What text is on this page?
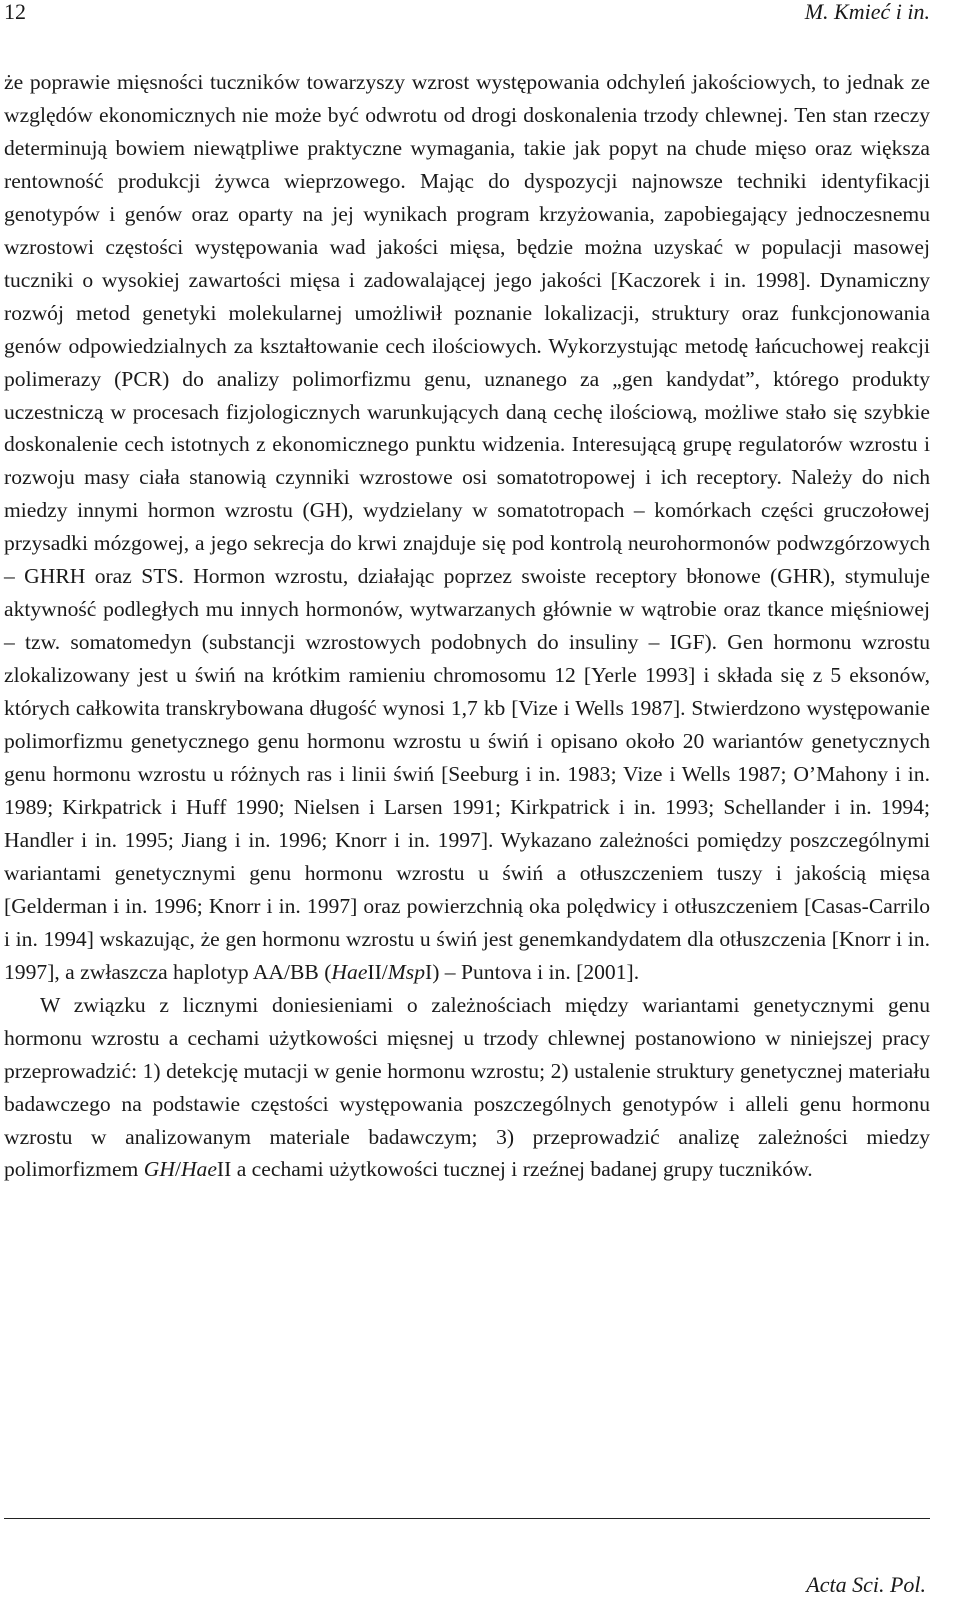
12	M. Kmieć i in.

że poprawie mięsności tuczników towarzyszy wzrost występowania odchyleń jakościowych, to jednak ze względów ekonomicznych nie może być odwrotu od drogi doskonalenia trzody chlewnej. Ten stan rzeczy determinują bowiem niewątpliwe praktyczne wymagania, takie jak popyt na chude mięso oraz większa rentowność produkcji żywca wieprzowego. Mając do dyspozycji najnowsze techniki identyfikacji genotypów i genów oraz oparty na jej wynikach program krzyżowania, zapobiegający jednoczesnemu wzrostowi częstości występowania wad jakości mięsa, będzie można uzyskać w populacji masowej tuczniki o wysokiej zawartości mięsa i zadowalającej jego jakości [Kaczorek i in. 1998]. Dynamiczny rozwój metod genetyki molekularnej umożliwił poznanie lokalizacji, struktury oraz funkcjonowania genów odpowiedzialnych za kształtowanie cech ilościowych. Wykorzystując metodę łańcuchowej reakcji polimerazy (PCR) do analizy polimorfizmu genu, uznanego za „gen kandydat”, którego produkty uczestniczą w procesach fizjologicznych warunkujących daną cechę ilościową, możliwe stało się szybkie doskonalenie cech istotnych z ekonomicznego punktu widzenia. Interesującą grupę regulatorów wzrostu i rozwoju masy ciała stanowią czynniki wzrostowe osi somatotropowej i ich receptory. Należy do nich miedzy innymi hormon wzrostu (GH), wydzielany w somatotropach – komórkach części gruczołowej przysadki mózgowej, a jego sekrecja do krwi znajduje się pod kontrolą neurohormonów podwzgórzowych – GHRH oraz STS. Hormon wzrostu, działając poprzez swoiste receptory błonowe (GHR), stymuluje aktywność podległych mu innych hormonów, wytwarzanych głównie w wątrobie oraz tkance mięśniowej – tzw. somatomedyn (substancji wzrostowych podobnych do insuliny – IGF). Gen hormonu wzrostu zlokalizowany jest u świń na krótkim ramieniu chromosomu 12 [Yerle 1993] i składa się z 5 eksonów, których całkowita transkrybowana długość wynosi 1,7 kb [Vize i Wells 1987]. Stwierdzono występowanie polimorfizmu genetycznego genu hormonu wzrostu u świń i opisano około 20 wariantów genetycznych genu hormonu wzrostu u różnych ras i linii świń [Seeburg i in. 1983; Vize i Wells 1987; O’Mahony i in. 1989; Kirkpatrick i Huff 1990; Nielsen i Larsen 1991; Kirkpatrick i in. 1993; Schellander i in. 1994; Handler i in. 1995; Jiang i in. 1996; Knorr i in. 1997]. Wykazano zależności pomiędzy poszczególnymi wariantami genetycznymi genu hormonu wzrostu u świń a otłuszczeniem tuszy i jakością mięsa [Gelderman i in. 1996; Knorr i in. 1997] oraz powierzchnią oka polędwicy i otłuszczeniem [Casas-Carrilo i in. 1994] wskazując, że gen hormonu wzrostu u świń jest genemkandydatem dla otłuszczenia [Knorr i in. 1997], a zwłaszcza haplotyp AA/BB (HaeII/MspI) – Puntova i in. [2001].

W związku z licznymi doniesieniami o zależnościach między wariantami genetycznymi genu hormonu wzrostu a cechami użytkowości mięsnej u trzody chlewnej postanowiono w niniejszej pracy przeprowadzić: 1) detekcję mutacji w genie hormonu wzrostu; 2) ustalenie struktury genetycznej materiału badawczego na podstawie częstości występowania poszczególnych genotypów i alleli genu hormonu wzrostu w analizowanym materiale badawczym; 3) przeprowadzić analizę zależności miedzy polimorfizmem GH/HaeII a cechami użytkowości tucznej i rzeźnej badanej grupy tuczników.

Acta Sci. Pol.
